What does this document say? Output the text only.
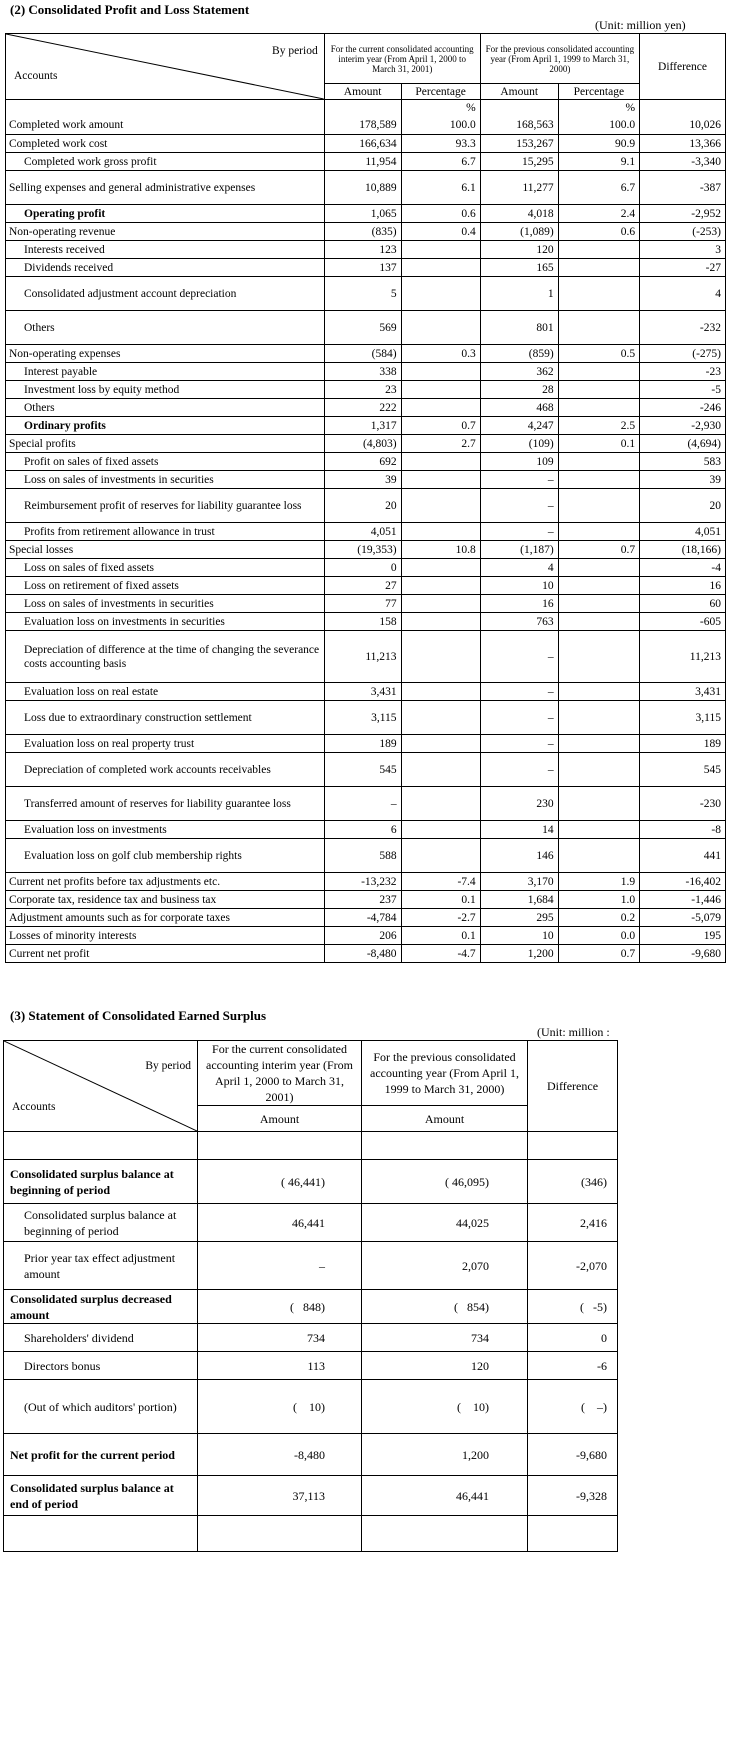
(2) Consolidated Profit and Loss Statement
(Unit: million yen)
By period
Accounts	For the current consolidated accounting interim year (From April 1, 2000 to March 31, 2001)		For the previous consolidated accounting year (From April 1, 1999 to March 31, 2000)		Difference
	Amount	Percentage	Amount	Percentage	
		%		%	
Completed work amount	178,589	100.0	168,563	100.0	10,026
Completed work cost	166,634	93.3	153,267	90.9	13,366
Completed work gross profit	11,954	6.7	15,295	9.1	-3,340
Selling expenses and general administrative expenses	10,889	6.1	11,277	6.7	-387
Operating profit	1,065	0.6	4,018	2.4	-2,952
Non-operating revenue	(835)	0.4	(1,089)	0.6	(-253)
Interests received	123		120		3
Dividends received	137		165		-27
Consolidated adjustment account depreciation	5		1		4
Others	569		801		-232
Non-operating expenses	(584)	0.3	(859)	0.5	(-275)
Interest payable	338		362		-23
Investment loss by equity method	23		28		-5
Others	222		468		-246
Ordinary profits	1,317	0.7	4,247	2.5	-2,930
Special profits	(4,803)	2.7	(109)	0.1	(4,694)
Profit on sales of fixed assets	692		109		583
Loss on sales of investments in securities	39		–		39
Reimbursement profit of reserves for liability guarantee loss	20		–		20
Profits from retirement allowance in trust	4,051		–		4,051
Special losses	(19,353)	10.8	(1,187)	0.7	(18,166)
Loss on sales of fixed assets	0		4		-4
Loss on retirement of fixed assets	27		10		16
Loss on sales of investments in securities	77		16		60
Evaluation loss on investments in securities	158		763		-605
Depreciation of difference at the time of changing the severance costs accounting basis	11,213		–		11,213
Evaluation loss on real estate	3,431		–		3,431
Loss due to extraordinary construction settlement	3,115		–		3,115
Evaluation loss on real property trust	189		–		189
Depreciation of completed work accounts receivables	545		–		545
Transferred amount of reserves for liability guarantee loss	–		230		-230
Evaluation loss on investments	6		14		-8
Evaluation loss on golf club membership rights	588		146		441
Current net profits before tax adjustments etc.	-13,232	-7.4	3,170	1.9	-16,402
Corporate tax, residence tax and business tax	237	0.1	1,684	1.0	-1,446
Adjustment amounts such as for corporate taxes	-4,784	-2.7	295	0.2	-5,079
Losses of minority interests	206	0.1	10	0.0	195
Current net profit	-8,480	-4.7	1,200	0.7	-9,680
(3) Statement of Consolidated Earned Surplus
(Unit: million :
By period
Accounts	For the current consolidated accounting interim year (From April 1, 2000 to March 31, 2001)	For the previous consolidated accounting year (From April 1, 1999 to March 31, 2000)	Difference
	Amount	Amount	

Consolidated surplus balance at beginning of period	( 46,441)	( 46,095)	(346)
Consolidated surplus balance at beginning of period	46,441	44,025	2,416
Prior year tax effect adjustment amount	–	2,070	-2,070
Consolidated surplus decreased amount	(   848)	(   854)	(   -5)
Shareholders' dividend	734	734	0
Directors bonus	113	120	-6
(Out of which auditors' portion)	(    10)	(    10)	(    –)
Net profit for the current period	-8,480	1,200	-9,680
Consolidated surplus balance at end of period	37,113	46,441	-9,328
